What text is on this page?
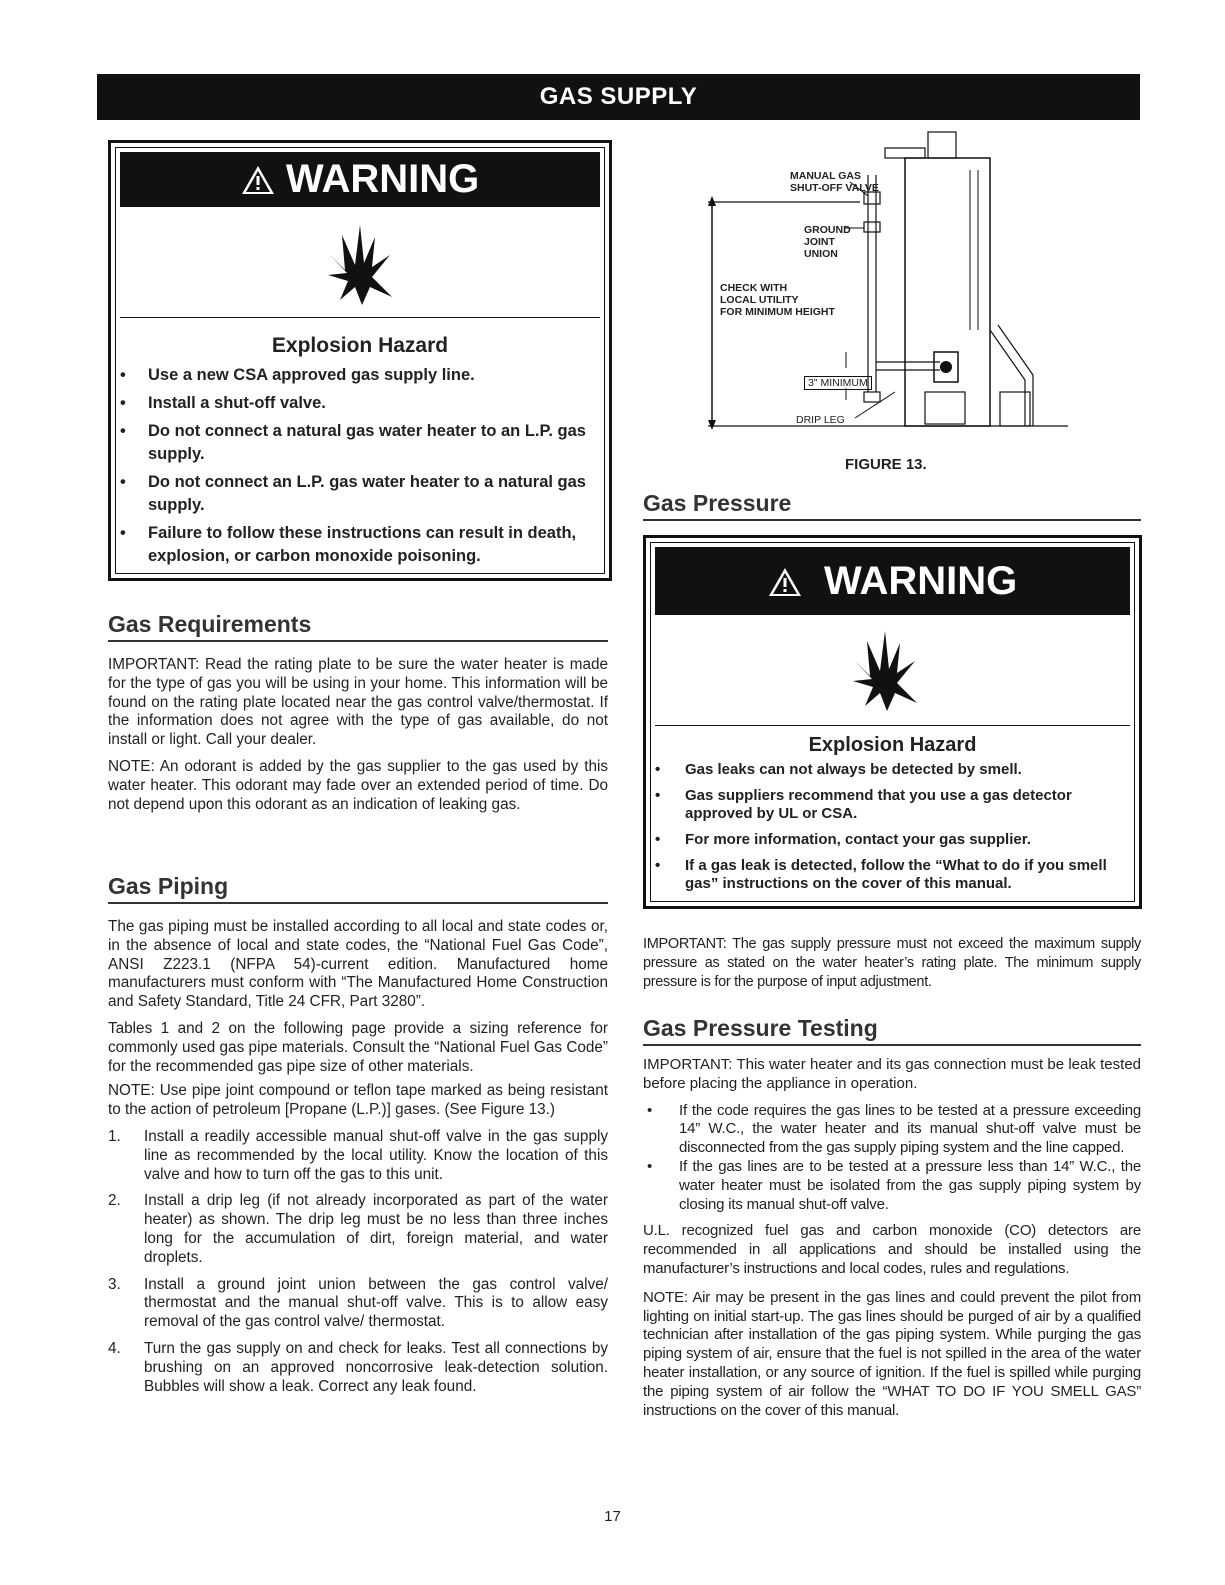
GAS SUPPLY
WARNING
Explosion Hazard
• Use a new CSA approved gas supply line.
• Install a shut-off valve.
• Do not connect a natural gas water heater to an L.P. gas supply.
• Do not connect an L.P. gas water heater to a natural gas supply.
• Failure to follow these instructions can result in death, explosion, or carbon monoxide poisoning.
Gas Requirements

IMPORTANT: Read the rating plate to be sure the water heater is made for the type of gas you will be using in your home. This information will be found on the rating plate located near the gas control valve/thermostat. If the information does not agree with the type of gas available, do not install or light. Call your dealer.

NOTE: An odorant is added by the gas supplier to the gas used by this water heater. This odorant may fade over an extended period of time. Do not depend upon this odorant as an indication of leaking gas.

Gas Piping

The gas piping must be installed according to all local and state codes or, in the absence of local and state codes, the “National Fuel Gas Code”, ANSI Z223.1 (NFPA 54)-current edition. Manufactured home manufacturers must conform with “The Manufactured Home Construction and Safety Standard, Title 24 CFR, Part 3280”.

Tables 1 and 2 on the following page provide a sizing reference for commonly used gas pipe materials. Consult the “National Fuel Gas Code” for the recommended gas pipe size of other materials.

NOTE: Use pipe joint compound or teflon tape marked as being resistant to the action of petroleum [Propane (L.P.)] gases. (See Figure 13.)

1. Install a readily accessible manual shut-off valve in the gas supply line as recommended by the local utility. Know the location of this valve and how to turn off the gas to this unit.
2. Install a drip leg (if not already incorporated as part of the water heater) as shown. The drip leg must be no less than three inches long for the accumulation of dirt, foreign material, and water droplets.
3. Install a ground joint union between the gas control valve/ thermostat and the manual shut-off valve. This is to allow easy removal of the gas control valve/ thermostat.
4. Turn the gas supply on and check for leaks. Test all connections by brushing on an approved noncorrosive leak-detection solution. Bubbles will show a leak. Correct any leak found.
MANUAL GAS
SHUT-OFF VALVE
GROUND
JOINT
UNION
CHECK WITH
LOCAL UTILITY
FOR MINIMUM HEIGHT
3" MINIMUM
DRIP LEG
FIGURE 13.
Gas Pressure
WARNING
Explosion Hazard
• Gas leaks can not always be detected by smell.
• Gas suppliers recommend that you use a gas detector approved by UL or CSA.
• For more information, contact your gas supplier.
• If a gas leak is detected, follow the “What to do if you smell gas” instructions on the cover of this manual.

IMPORTANT: The gas supply pressure must not exceed the maximum supply pressure as stated on the water heater’s rating plate. The minimum supply pressure is for the purpose of input adjustment.

Gas Pressure Testing

IMPORTANT: This water heater and its gas connection must be leak tested before placing the appliance in operation.

• If the code requires the gas lines to be tested at a pressure exceeding 14” W.C., the water heater and its manual shut-off valve must be disconnected from the gas supply piping system and the line capped.
• If the gas lines are to be tested at a pressure less than 14” W.C., the water heater must be isolated from the gas supply piping system by closing its manual shut-off valve.

U.L. recognized fuel gas and carbon monoxide (CO) detectors are recommended in all applications and should be installed using the manufacturer’s instructions and local codes, rules and regulations.

NOTE: Air may be present in the gas lines and could prevent the pilot from lighting on initial start-up. The gas lines should be purged of air by a qualified technician after installation of the gas piping system. While purging the gas piping system of air, ensure that the fuel is not spilled in the area of the water heater installation, or any source of ignition. If the fuel is spilled while purging the piping system of air follow the “WHAT TO DO IF YOU SMELL GAS” instructions on the cover of this manual.

17
